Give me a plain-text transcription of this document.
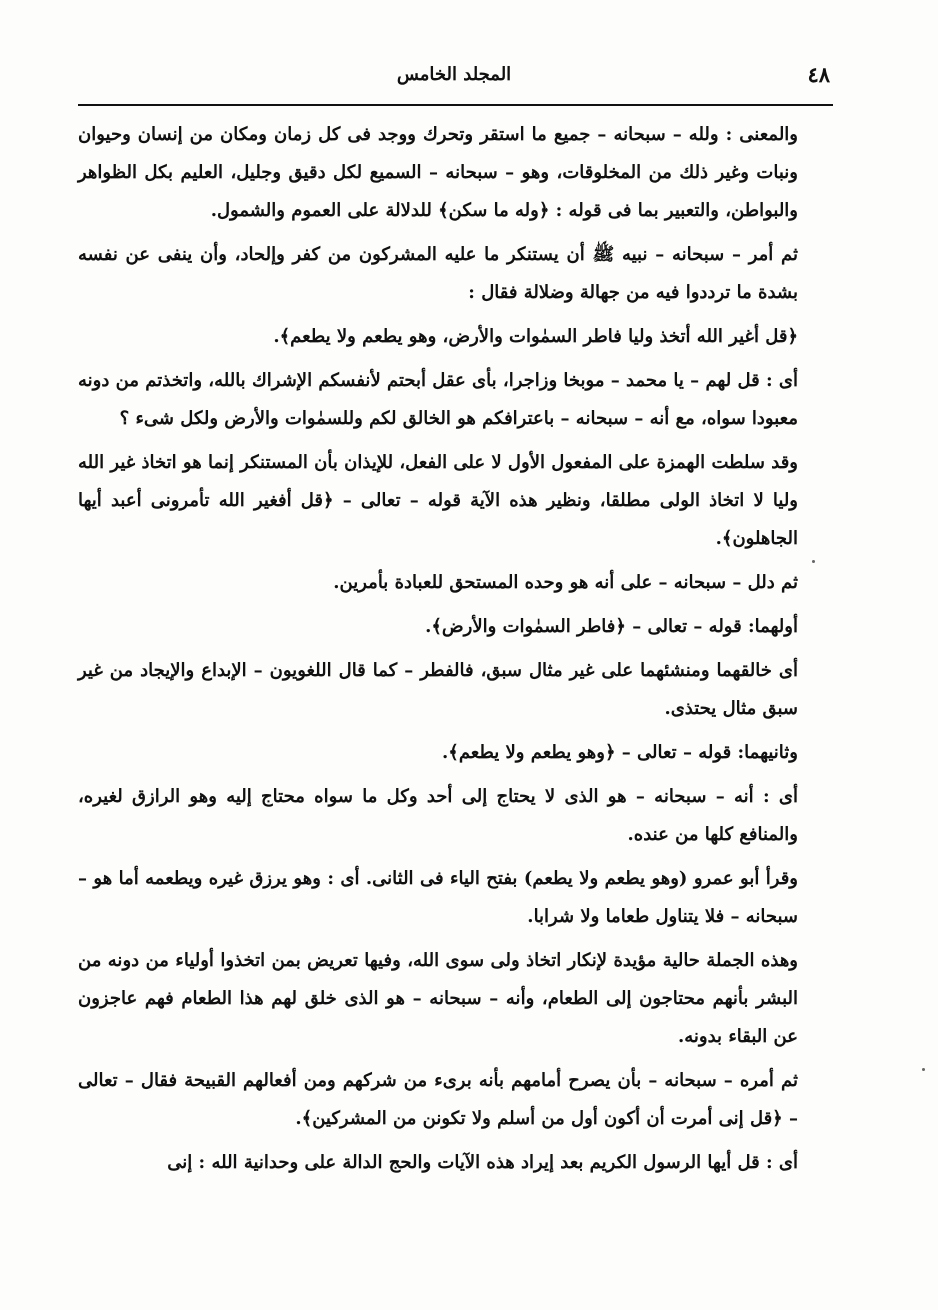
٤٨
المجلد الخامس

والمعنى : ولله – سبحانه – جميع ما استقر وتحرك ووجد فى كل زمان ومكان من إنسان وحيوان ونبات وغير ذلك من المخلوقات، وهو – سبحانه – السميع لكل دقيق وجليل، العليم بكل الظواهر والبواطن، والتعبير بما فى قوله : ﴿وله ما سكن﴾ للدلالة على العموم والشمول.

ثم أمر – سبحانه – نبيه ﷺ أن يستنكر ما عليه المشركون من كفر وإلحاد، وأن ينفى عن نفسه بشدة ما ترددوا فيه من جهالة وضلالة فقال :

﴿قل أغير الله أتخذ وليا فاطر السمٰوات والأرض، وهو يطعم ولا يطعم﴾.

أى : قل لهم – يا محمد – موبخا وزاجرا، بأى عقل أبحتم لأنفسكم الإشراك بالله، واتخذتم من دونه معبودا سواه، مع أنه – سبحانه – باعترافكم هو الخالق لكم وللسمٰوات والأرض ولكل شىء ؟

وقد سلطت الهمزة على المفعول الأول لا على الفعل، للإيذان بأن المستنكر إنما هو اتخاذ غير الله وليا لا اتخاذ الولى مطلقا، ونظير هذه الآية قوله – تعالى – ﴿قل أفغير الله تأمرونى أعبد أيها الجاهلون﴾.

ثم دلل – سبحانه – على أنه هو وحده المستحق للعبادة بأمرين.

أولهما: قوله – تعالى – ﴿فاطر السمٰوات والأرض﴾.

أى خالقهما ومنشئهما على غير مثال سبق، فالفطر – كما قال اللغويون – الإبداع والإيجاد من غير سبق مثال يحتذى.

وثانيهما: قوله – تعالى – ﴿وهو يطعم ولا يطعم﴾.

أى : أنه – سبحانه – هو الذى لا يحتاج إلى أحد وكل ما سواه محتاج إليه وهو الرازق لغيره، والمنافع كلها من عنده.

وقرأ أبو عمرو (وهو يطعم ولا يطعم) بفتح الياء فى الثانى. أى : وهو يرزق غيره ويطعمه أما هو – سبحانه – فلا يتناول طعاما ولا شرابا.

وهذه الجملة حالية مؤيدة لإنكار اتخاذ ولى سوى الله، وفيها تعريض بمن اتخذوا أولياء من دونه من البشر بأنهم محتاجون إلى الطعام، وأنه – سبحانه – هو الذى خلق لهم هذا الطعام فهم عاجزون عن البقاء بدونه.

ثم أمره – سبحانه – بأن يصرح أمامهم بأنه برىء من شركهم ومن أفعالهم القبيحة فقال – تعالى – ﴿قل إنى أمرت أن أكون أول من أسلم ولا تكونن من المشركين﴾.

أى : قل أيها الرسول الكريم بعد إيراد هذه الآيات والحج الدالة على وحدانية الله : إنى
